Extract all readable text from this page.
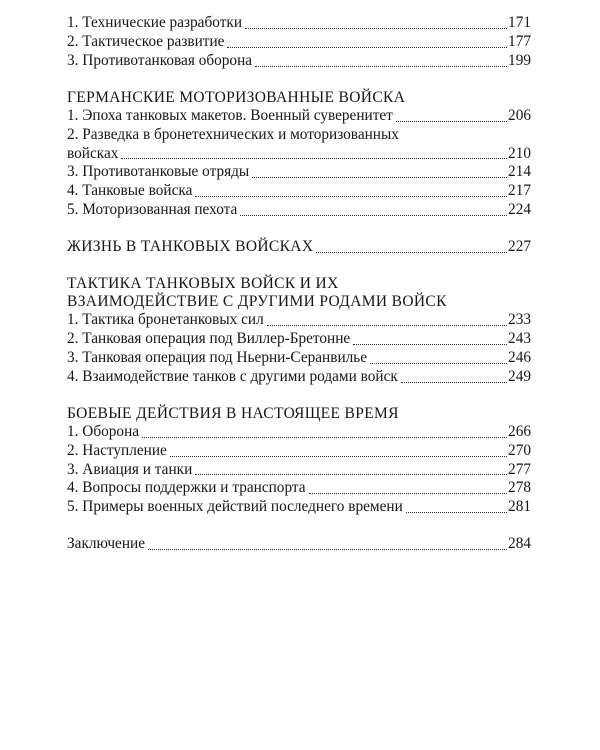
1. Технические разработки	171
2. Тактическое развитие	177
3. Противотанковая оборона	199
ГЕРМАНСКИЕ МОТОРИЗОВАННЫЕ ВОЙСКА
1. Эпоха танковых макетов. Военный суверенитет	206
2. Разведка в бронетехнических и моторизованных
войсках	210
3. Противотанковые отряды	214
4. Танковые войска	217
5. Моторизованная пехота	224
ЖИЗНЬ В ТАНКОВЫХ ВОЙСКАХ	227
ТАКТИКА ТАНКОВЫХ ВОЙСК И ИХ
ВЗАИМОДЕЙСТВИЕ С ДРУГИМИ РОДАМИ ВОЙСК
1. Тактика бронетанковых сил	233
2. Танковая операция под Виллер-Бретонне	243
3. Танковая операция под Ньерни-Серанвилье	246
4. Взаимодействие танков с другими родами войск	249
БОЕВЫЕ ДЕЙСТВИЯ В НАСТОЯЩЕЕ ВРЕМЯ
1. Оборона	266
2. Наступление	270
3. Авиация и танки	277
4. Вопросы поддержки и транспорта	278
5. Примеры военных действий последнего времени	281
Заключение	284
